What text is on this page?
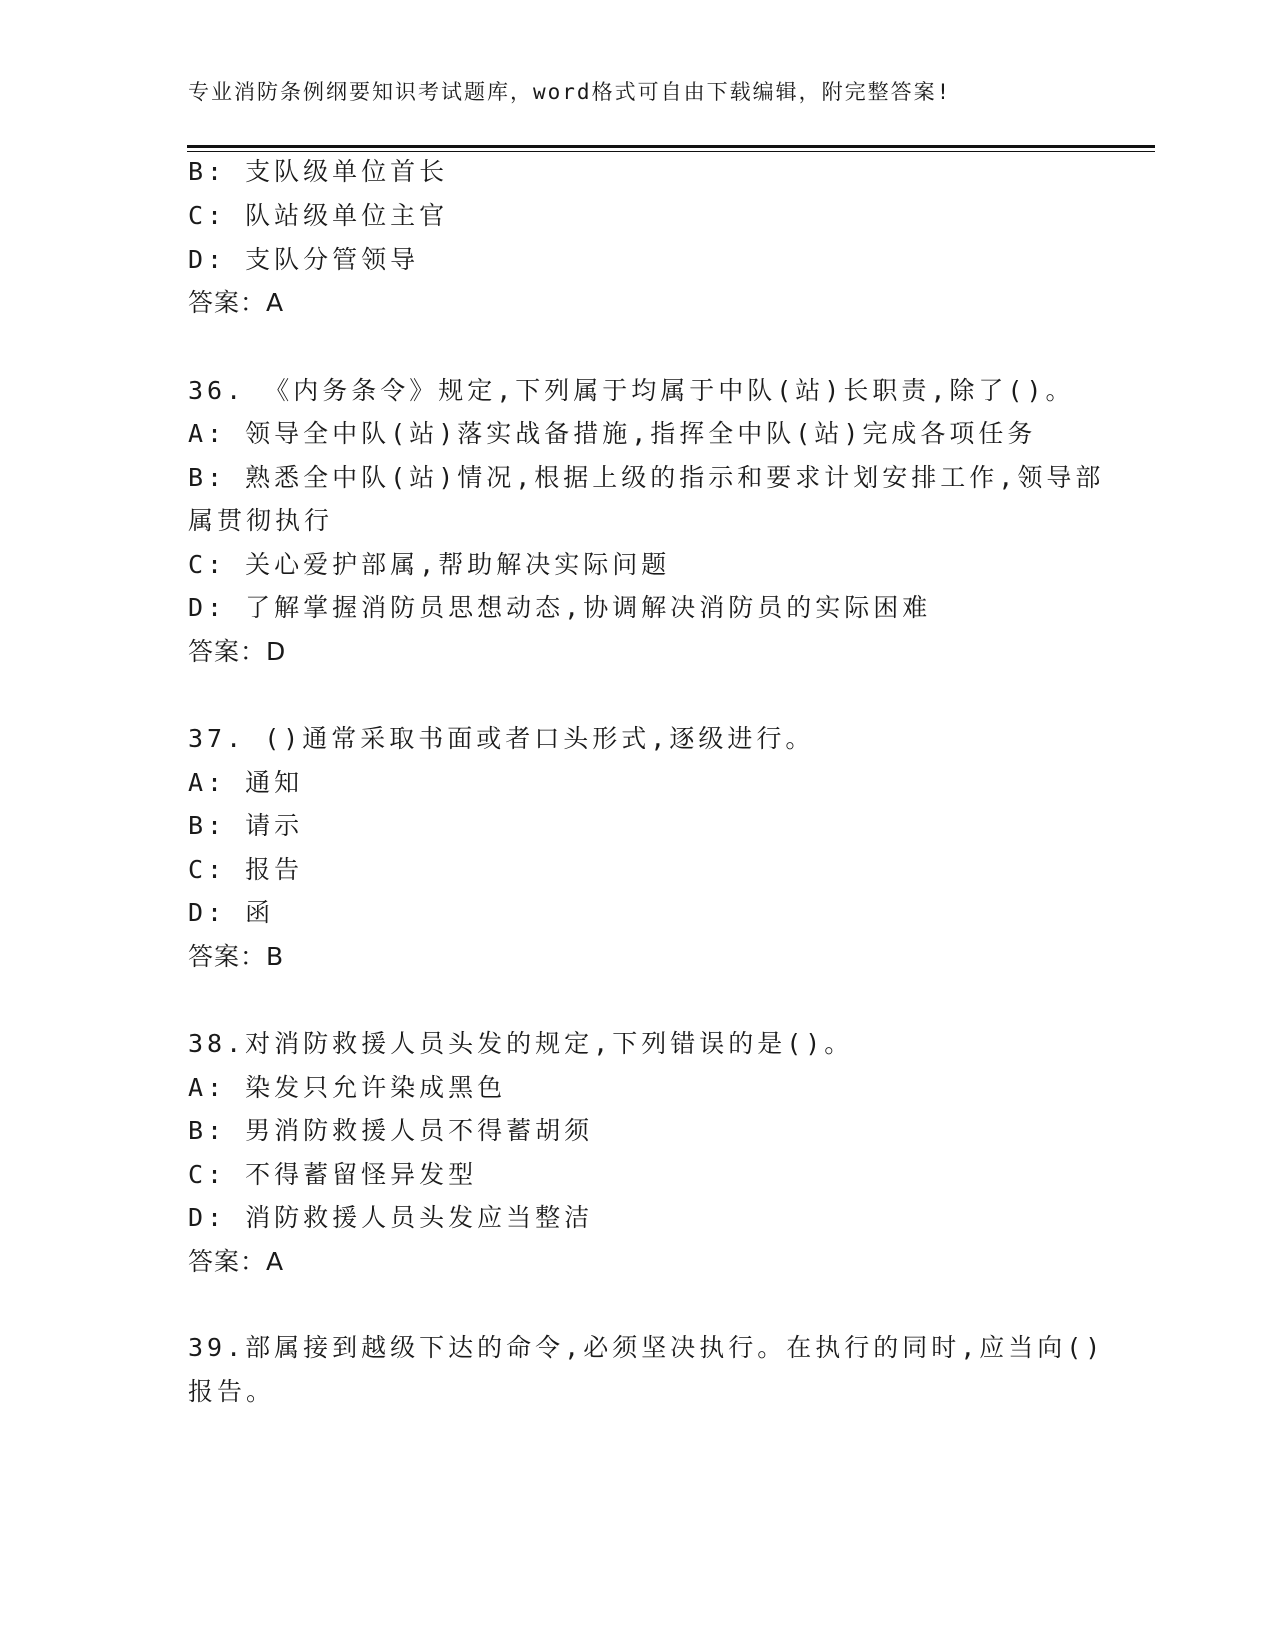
专业消防条例纲要知识考试题库，word格式可自由下载编辑，附完整答案!
B: 支队级单位首长
C: 队站级单位主官
D: 支队分管领导
答案：A
36. 《内务条令》规定,下列属于均属于中队(站)长职责,除了()。
A: 领导全中队(站)落实战备措施,指挥全中队(站)完成各项任务
B: 熟悉全中队(站)情况,根据上级的指示和要求计划安排工作,领导部
属贯彻执行
C: 关心爱护部属,帮助解决实际问题
D: 了解掌握消防员思想动态,协调解决消防员的实际困难
答案：D
37. ()通常采取书面或者口头形式,逐级进行。
A: 通知
B: 请示
C: 报告
D: 函
答案：B
38.对消防救援人员头发的规定,下列错误的是()。
A: 染发只允许染成黑色
B: 男消防救援人员不得蓄胡须
C: 不得蓄留怪异发型
D: 消防救援人员头发应当整洁
答案：A
39.部属接到越级下达的命令,必须坚决执行。在执行的同时,应当向()
报告。
